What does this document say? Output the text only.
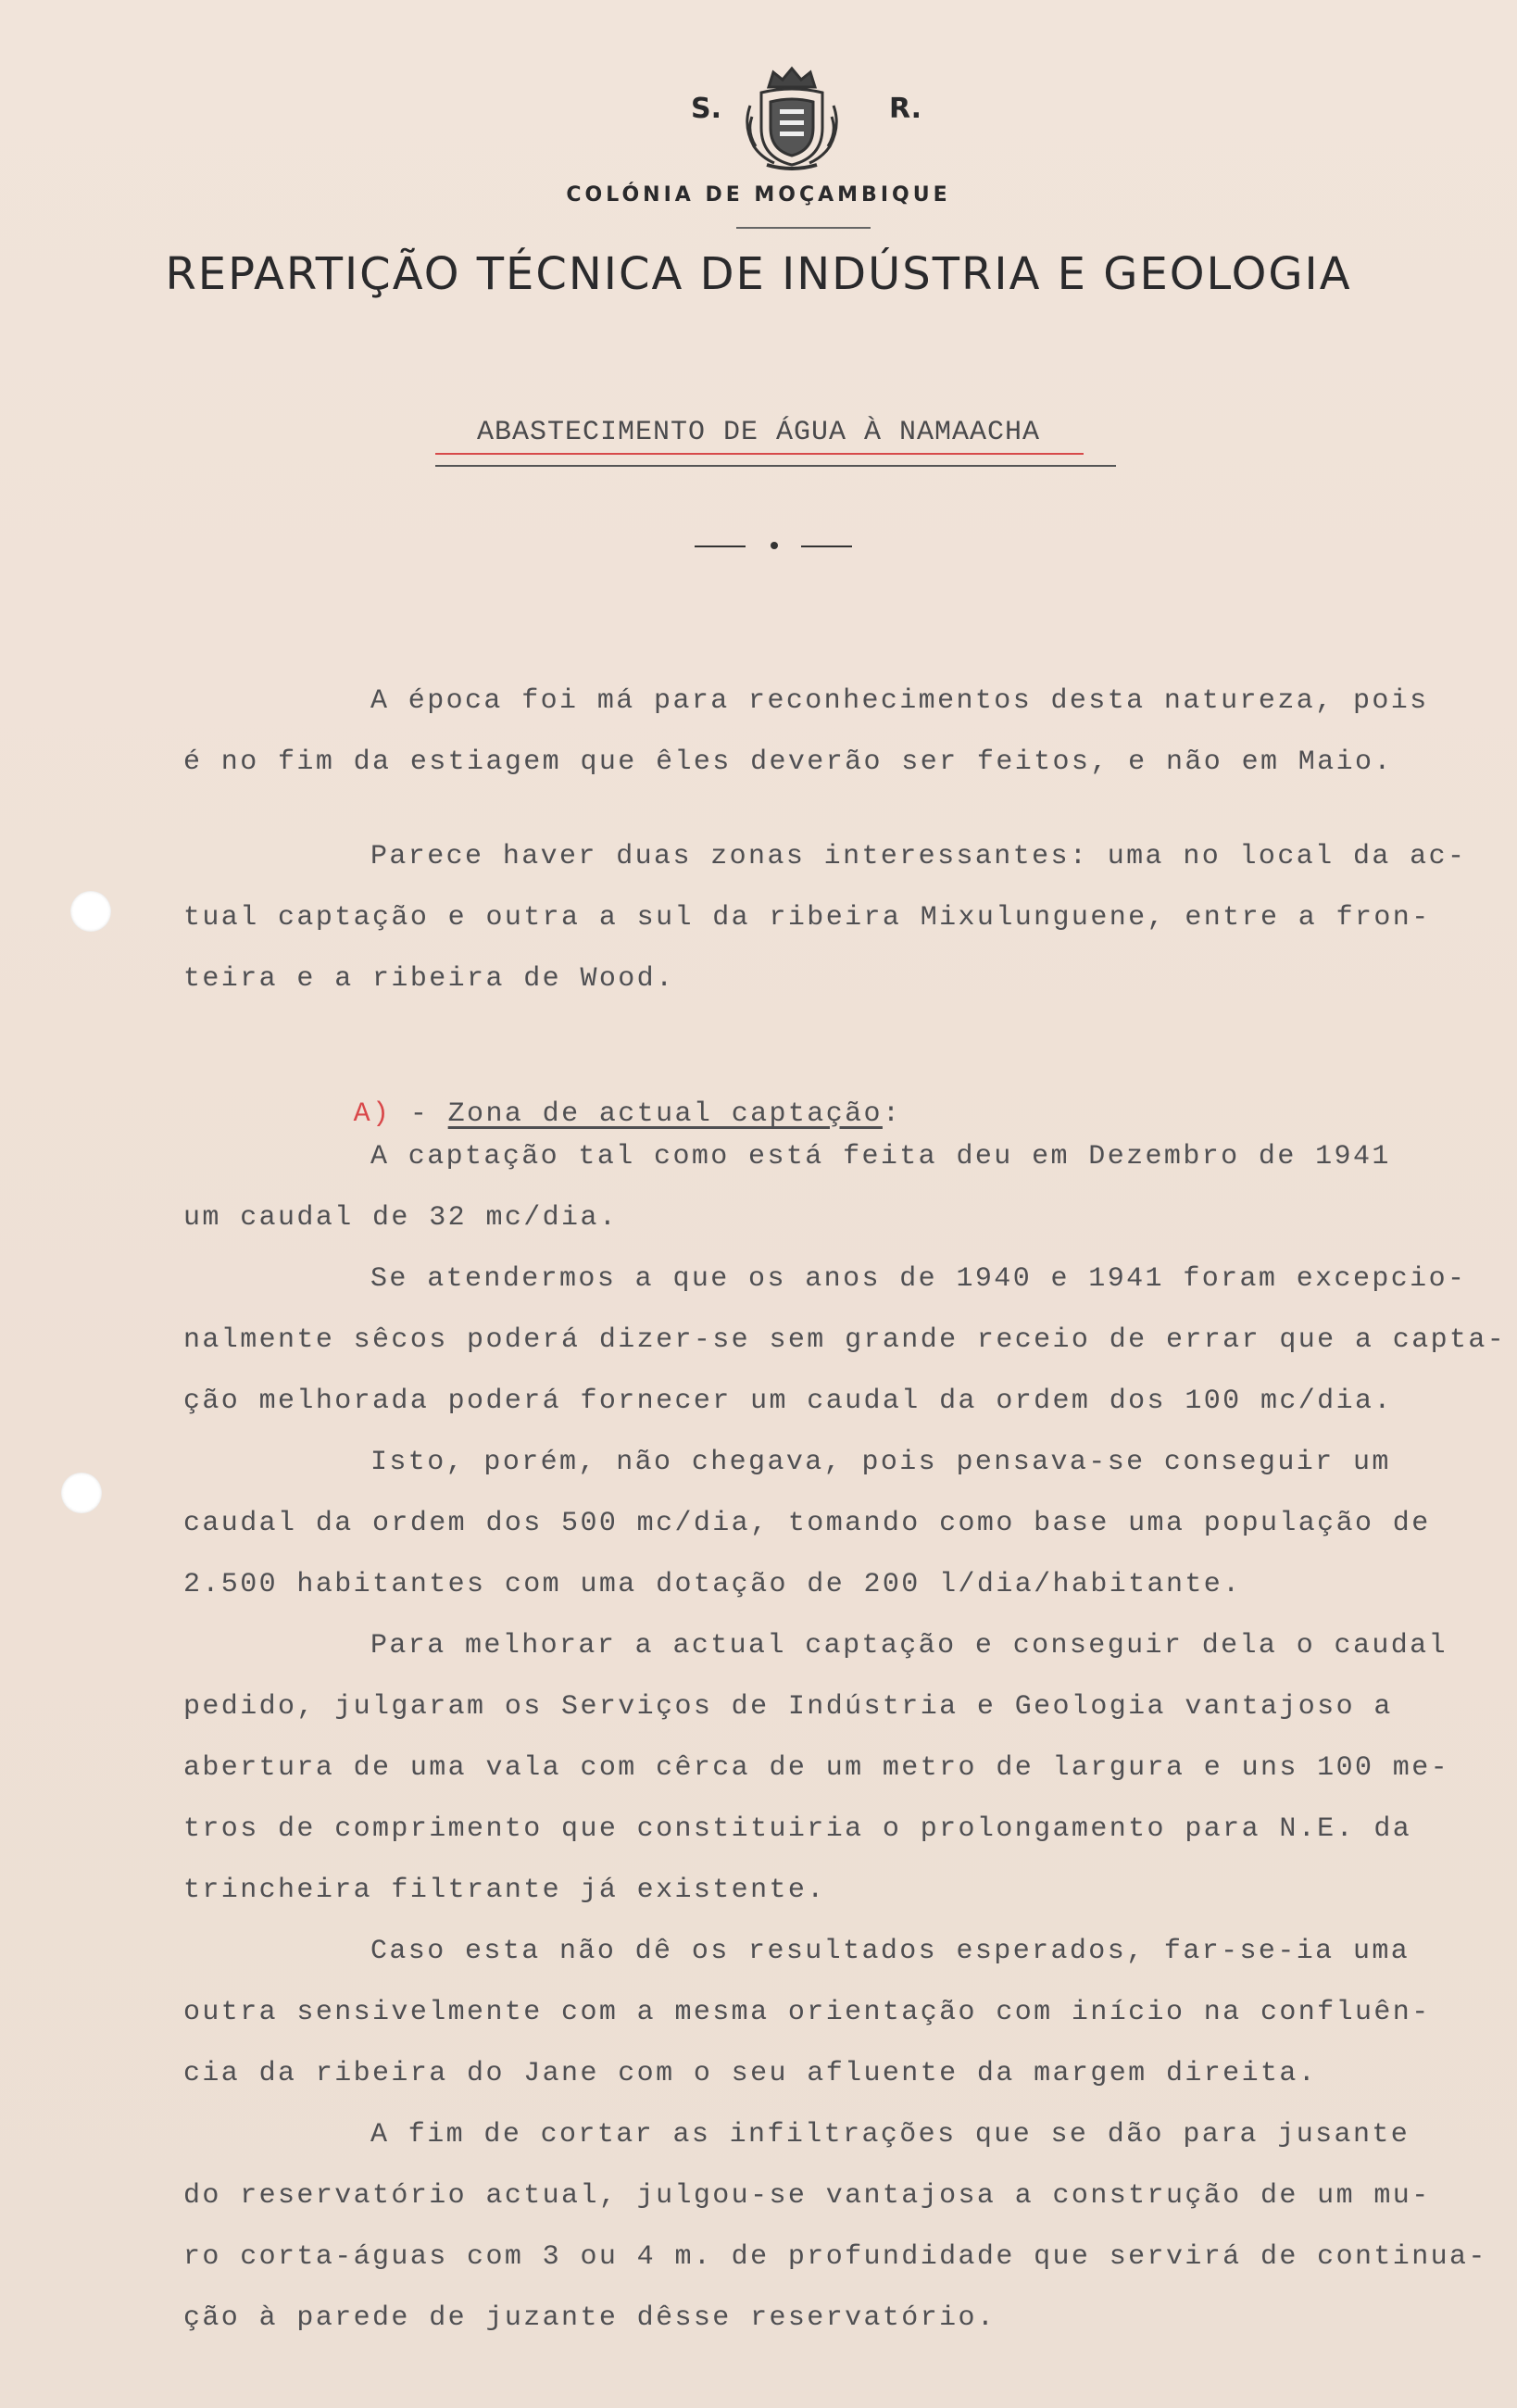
S.	R.
COLÓNIA DE MOÇAMBIQUE
REPARTIÇÃO TÉCNICA DE INDÚSTRIA E GEOLOGIA
ABASTECIMENTO DE ÁGUA À NAMAACHA
A época foi má para reconhecimentos desta natureza, pois
é no fim da estiagem que êles deverão ser feitos, e não em Maio.
Parece haver duas zonas interessantes: uma no local da ac-
tual captação e outra a sul da ribeira Mixulunguene, entre a fron-
teira e a ribeira de Wood.

A) - Zona de actual captação:

A captação tal como está feita deu em Dezembro de 1941
um caudal de 32 mc/dia.
Se atendermos a que os anos de 1940 e 1941 foram excepcio-
nalmente sêcos poderá dizer-se sem grande receio de errar que a capta-
ção melhorada poderá fornecer um caudal da ordem dos 100 mc/dia.
Isto, porém, não chegava, pois pensava-se conseguir um
caudal da ordem dos 500 mc/dia, tomando como base uma população de
2.500 habitantes com uma dotação de 200 l/dia/habitante.
Para melhorar a actual captação e conseguir dela o caudal
pedido, julgaram os Serviços de Indústria e Geologia vantajoso a
abertura de uma vala com cêrca de um metro de largura e uns 100 me-
tros de comprimento que constituiria o prolongamento para N.E. da
trincheira filtrante já existente.
Caso esta não dê os resultados esperados, far-se-ia uma
outra sensivelmente com a mesma orientação com início na confluên-
cia da ribeira do Jane com o seu afluente da margem direita.
A fim de cortar as infiltrações que se dão para jusante
do reservatório actual, julgou-se vantajosa a construção de um mu-
ro corta-águas com 3 ou 4 m. de profundidade que servirá de continua-
ção à parede de juzante dêsse reservatório.
